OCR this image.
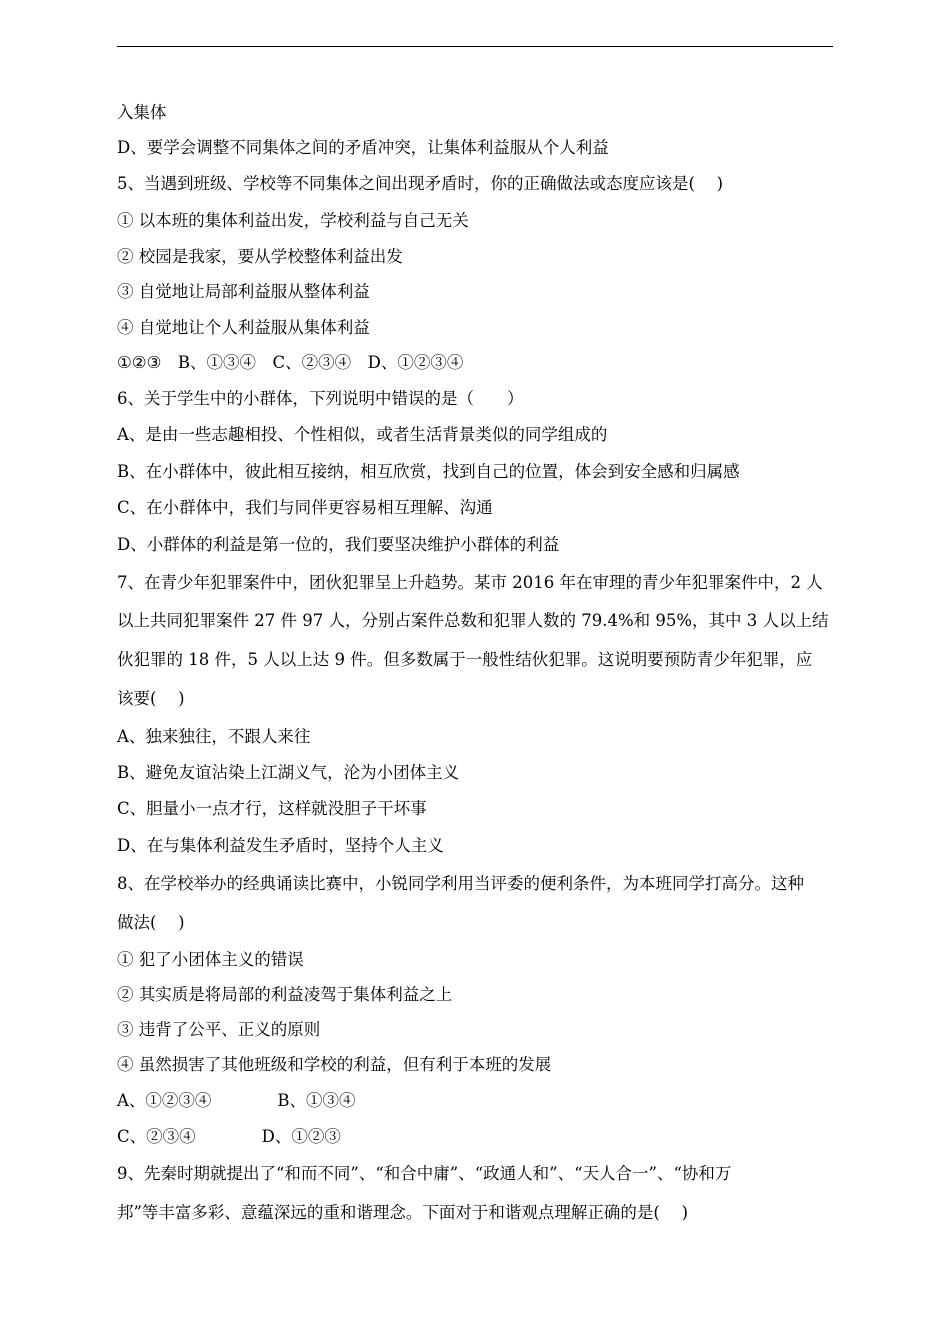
入集体
D、要学会调整不同集体之间的矛盾冲突，让集体利益服从个人利益
5、当遇到班级、学校等不同集体之间出现矛盾时，你的正确做法或态度应该是(　 )
① 以本班的集体利益出发，学校利益与自己无关
② 校园是我家，要从学校整体利益出发
③ 自觉地让局部利益服从整体利益
④ 自觉地让个人利益服从集体利益
①②③　B、①③④　C、②③④　D、①②③④
6、关于学生中的小群体，下列说明中错误的是（　　）
A、是由一些志趣相投、个性相似，或者生活背景类似的同学组成的
B、在小群体中，彼此相互接纳，相互欣赏，找到自己的位置，体会到安全感和归属感
C、在小群体中，我们与同伴更容易相互理解、沟通
D、小群体的利益是第一位的，我们要坚决维护小群体的利益
7、在青少年犯罪案件中，团伙犯罪呈上升趋势。某市 2016 年在审理的青少年犯罪案件中，2 人
以上共同犯罪案件 27 件 97 人，分别占案件总数和犯罪人数的 79.4%和 95%，其中 3 人以上结
伙犯罪的 18 件，5 人以上达 9 件。但多数属于一般性结伙犯罪。这说明要预防青少年犯罪，应
该要(　 )
A、独来独往，不跟人来往
B、避免友谊沾染上江湖义气，沦为小团体主义
C、胆量小一点才行，这样就没胆子干坏事
D、在与集体利益发生矛盾时，坚持个人主义
8、在学校举办的经典诵读比赛中，小锐同学利用当评委的便利条件，为本班同学打高分。这种
做法(　 )
① 犯了小团体主义的错误
② 其实质是将局部的利益凌驾于集体利益之上
③ 违背了公平、正义的原则
④ 虽然损害了其他班级和学校的利益，但有利于本班的发展
A、①②③④　　　　B、①③④
C、②③④　　　　D、①②③
9、先秦时期就提出了“和而不同”、“和合中庸”、“政通人和”、“天人合一”、“协和万
邦”等丰富多彩、意蕴深远的重和谐理念。下面对于和谐观点理解正确的是(　 )
